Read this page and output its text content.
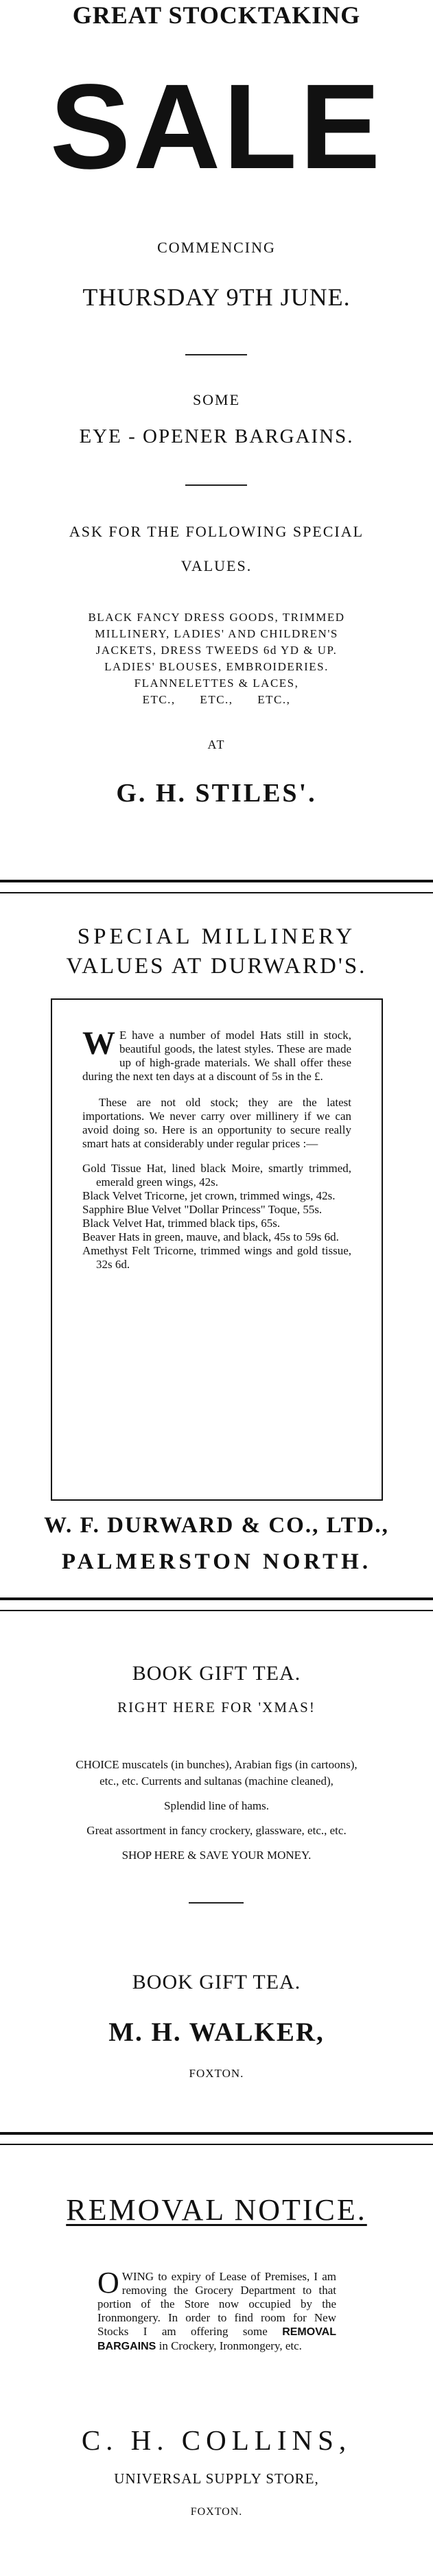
GREAT STOCKTAKING
SALE
COMMENCING
THURSDAY 9TH JUNE.
SOME
EYE - OPENER BARGAINS.
ASK FOR THE FOLLOWING SPECIAL
VALUES.
BLACK FANCY DRESS GOODS, TRIMMED
MILLINERY, LADIES' AND CHILDREN'S
JACKETS, DRESS TWEEDS 6d YD & UP.
LADIES' BLOUSES, EMBROIDERIES.
FLANNELETTES & LACES,
ETC., ETC., ETC.,
AT
G. H. STILES'.
SPECIAL MILLINERY
VALUES AT DURWARD'S.
W E have a number of model Hats still in stock, beautiful goods, the latest styles. These are made up of high-grade materials. We shall offer these during the next ten days at a discount of 5s in the £.
These are not old stock; they are the latest importations. We never carry over millinery if we can avoid doing so. Here is an opportunity to secure really smart hats at considerably under regular prices :—
Gold Tissue Hat, lined black Moire, smartly trimmed, emerald green wings, 42s.
Black Velvet Tricorne, jet crown, trimmed wings, 42s.
Sapphire Blue Velvet "Dollar Princess" Toque, 55s.
Black Velvet Hat, trimmed black tips, 65s.
Beaver Hats in green, mauve, and black, 45s to 59s 6d.
Amethyst Felt Tricorne, trimmed wings and gold tissue, 32s 6d.
W. F. DURWARD & CO., LTD.,
PALMERSTON NORTH.
BOOK GIFT TEA.
RIGHT HERE FOR 'XMAS!
CHOICE muscatels (in bunches), Arabian figs (in cartoons),
etc., etc. Currents and sultanas (machine cleaned),
Splendid line of hams.
Great assortment in fancy crockery, glassware, etc., etc.
SHOP HERE & SAVE YOUR MONEY.
BOOK GIFT TEA.
M. H. WALKER,
FOXTON.
REMOVAL NOTICE.
OWING to expiry of Lease of Premises, I am removing the Grocery Department to that portion of the Store now occupied by the Ironmongery. In order to find room for New Stocks I am offering some REMOVAL BARGAINS in Crockery, Ironmongery, etc.
C. H. COLLINS,
UNIVERSAL SUPPLY STORE,
FOXTON.
